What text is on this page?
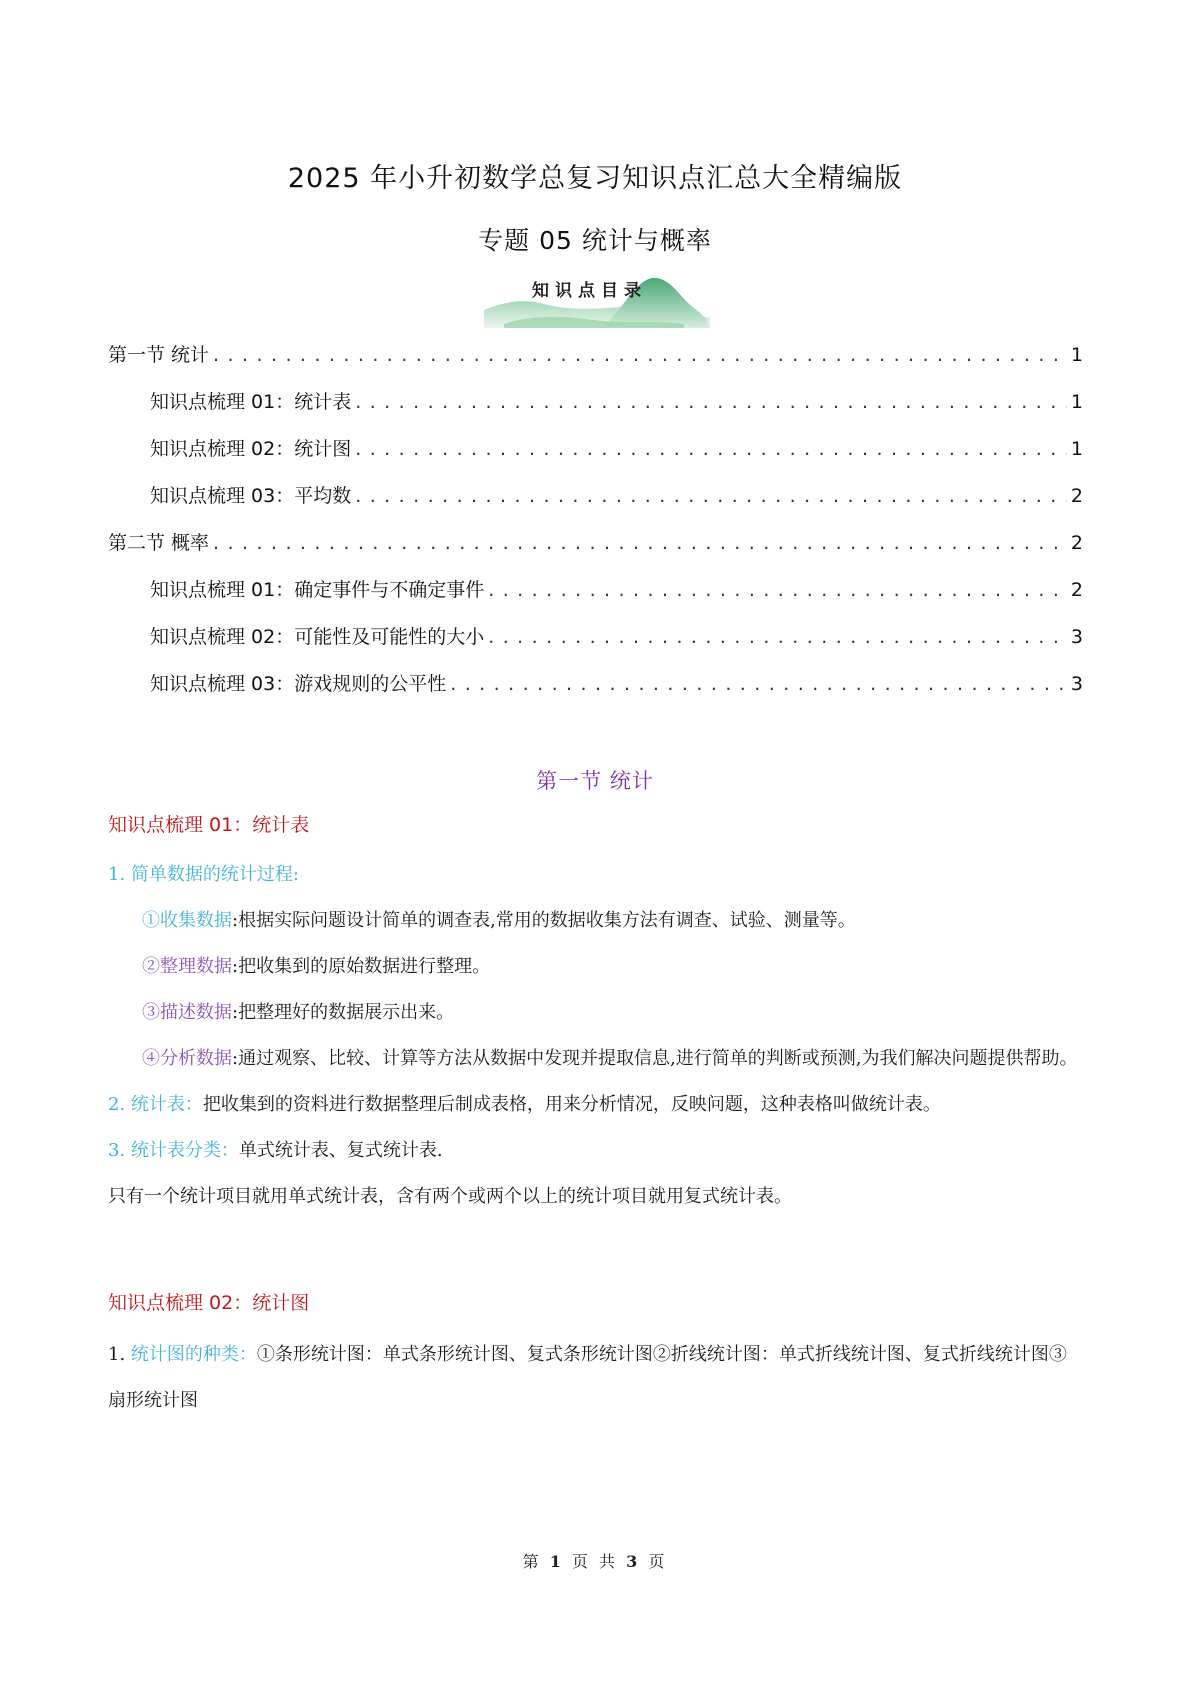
2025 年小升初数学总复习知识点汇总大全精编版
专题 05 统计与概率
知识点目录
第一节 统计 . . .	1
知识点梳理 01：统计表 . . .	1
知识点梳理 02：统计图 . . .	1
知识点梳理 03：平均数 . . .	2
第二节 概率 . . .	2
知识点梳理 01：确定事件与不确定事件 . . .	2
知识点梳理 02：可能性及可能性的大小 . . .	3
知识点梳理 03：游戏规则的公平性 . . .	3
第一节 统计
知识点梳理 01：统计表
1. 简单数据的统计过程:
①收集数据:根据实际问题设计简单的调查表,常用的数据收集方法有调查、试验、测量等。
②整理数据:把收集到的原始数据进行整理。
③描述数据:把整理好的数据展示出来。
④分析数据:通过观察、比较、计算等方法从数据中发现并提取信息,进行简单的判断或预测,为我们解决问题提供帮助。
2. 统计表：把收集到的资料进行数据整理后制成表格，用来分析情况，反映问题，这种表格叫做统计表。
3. 统计表分类：单式统计表、复式统计表.
只有一个统计项目就用单式统计表，含有两个或两个以上的统计项目就用复式统计表。
知识点梳理 02：统计图
1. 统计图的种类：①条形统计图：单式条形统计图、复式条形统计图②折线统计图：单式折线统计图、复式折线统计图③扇形统计图
第 1 页 共 3 页
